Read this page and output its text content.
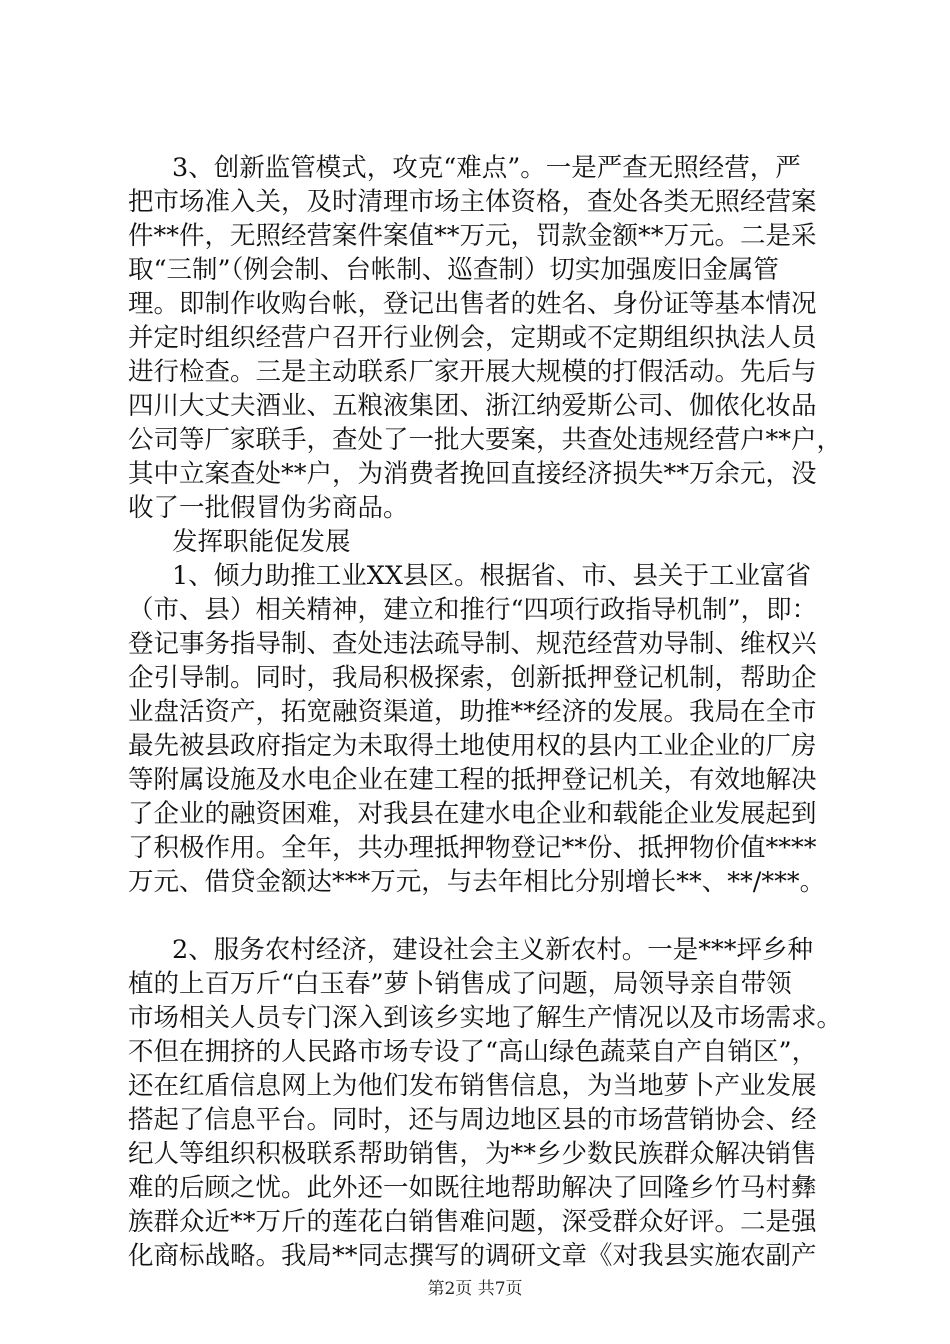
3、创新监管模式，攻克“难点”。一是严查无照经营，严
把市场准入关，及时清理市场主体资格，查处各类无照经营案
件**件，无照经营案件案值**万元，罚款金额**万元。二是采
取“三制”（例会制、台帐制、巡查制）切实加强废旧金属管
理。即制作收购台帐，登记出售者的姓名、身份证等基本情况
并定时组织经营户召开行业例会，定期或不定期组织执法人员
进行检查。三是主动联系厂家开展大规模的打假活动。先后与
四川大丈夫酒业、五粮液集团、浙江纳爱斯公司、伽侬化妆品
公司等厂家联手，查处了一批大要案，共查处违规经营户**户，
其中立案查处**户，为消费者挽回直接经济损失**万余元，没
收了一批假冒伪劣商品。
发挥职能促发展
1、倾力助推工业XX县区。根据省、市、县关于工业富省
（市、县）相关精神，建立和推行“四项行政指导机制”，即：
登记事务指导制、查处违法疏导制、规范经营劝导制、维权兴
企引导制。同时，我局积极探索，创新抵押登记机制，帮助企
业盘活资产，拓宽融资渠道，助推**经济的发展。我局在全市
最先被县政府指定为未取得土地使用权的县内工业企业的厂房
等附属设施及水电企业在建工程的抵押登记机关，有效地解决
了企业的融资困难，对我县在建水电企业和载能企业发展起到
了积极作用。全年，共办理抵押物登记**份、抵押物价值****
万元、借贷金额达***万元，与去年相比分别增长**、**/***。
2、服务农村经济，建设社会主义新农村。一是***坪乡种
植的上百万斤“白玉春”萝卜销售成了问题，局领导亲自带领
市场相关人员专门深入到该乡实地了解生产情况以及市场需求。
不但在拥挤的人民路市场专设了“高山绿色蔬菜自产自销区”，
还在红盾信息网上为他们发布销售信息，为当地萝卜产业发展
搭起了信息平台。同时，还与周边地区县的市场营销协会、经
纪人等组织积极联系帮助销售，为**乡少数民族群众解决销售
难的后顾之忧。此外还一如既往地帮助解决了回隆乡竹马村彝
族群众近**万斤的莲花白销售难问题，深受群众好评。二是强
化商标战略。我局**同志撰写的调研文章《对我县实施农副产
第2页 共7页
